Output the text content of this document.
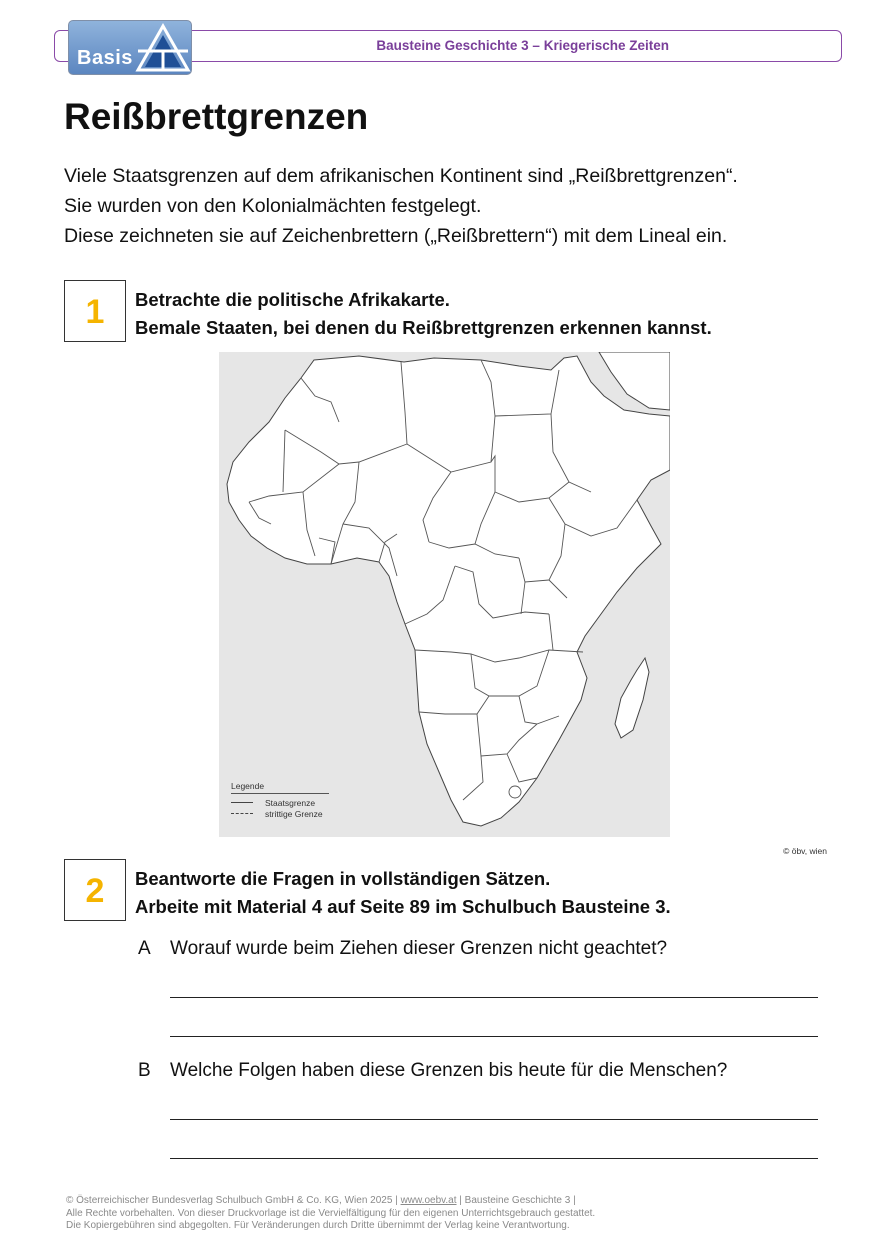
Bausteine Geschichte 3 – Kriegerische Zeiten
Basis
Reißbrettgrenzen
Viele Staatsgrenzen auf dem afrikanischen Kontinent sind „Reißbrettgrenzen“.
Sie wurden von den Kolonialmächten festgelegt.
Diese zeichneten sie auf Zeichenbrettern („Reißbrettern“) mit dem Lineal ein.
1	Betrachte die politische Afrikakarte.
Bemale Staaten, bei denen du Reißbrettgrenzen erkennen kannst.
Legende
Staatsgrenze
strittige Grenze
© öbv, wien
2	Beantworte die Fragen in vollständigen Sätzen.
Arbeite mit Material 4 auf Seite 89 im Schulbuch Bausteine 3.
A Worauf wurde beim Ziehen dieser Grenzen nicht geachtet?
B Welche Folgen haben diese Grenzen bis heute für die Menschen?
© Österreichischer Bundesverlag Schulbuch GmbH & Co. KG, Wien 2025 | www.oebv.at | Bausteine Geschichte 3 |
Alle Rechte vorbehalten. Von dieser Druckvorlage ist die Vervielfältigung für den eigenen Unterrichtsgebrauch gestattet.
Die Kopiergebühren sind abgegolten. Für Veränderungen durch Dritte übernimmt der Verlag keine Verantwortung.
